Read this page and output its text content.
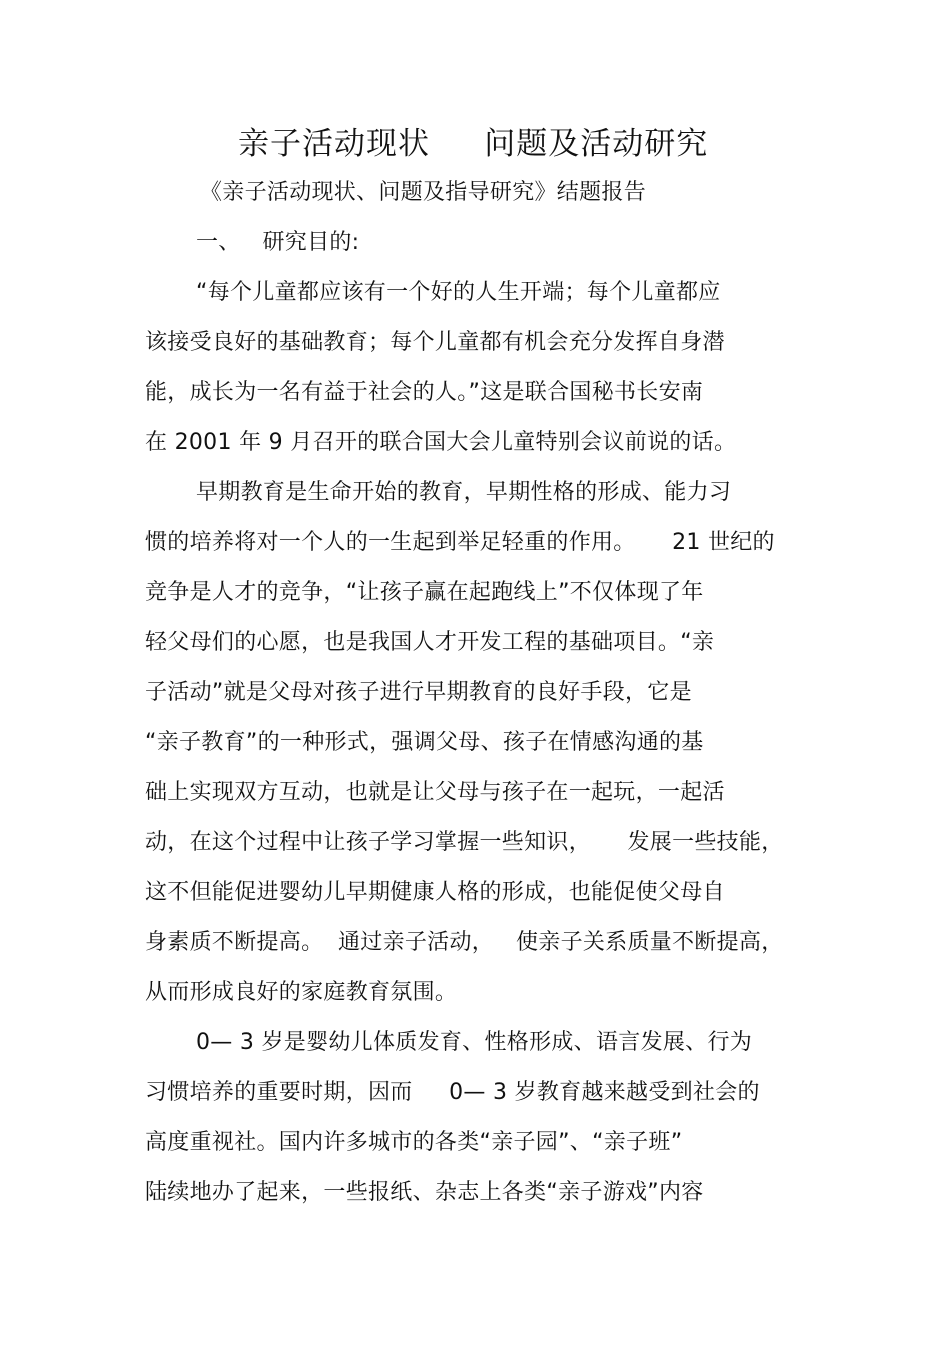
亲子活动现状     问题及活动研究
《亲子活动现状、问题及指导研究》结题报告
一、   研究目的:
“每个儿童都应该有一个好的人生开端；每个儿童都应
该接受良好的基础教育；每个儿童都有机会充分发挥自身潜
能，成长为一名有益于社会的人。”这是联合国秘书长安南
在 2001 年 9 月召开的联合国大会儿童特别会议前说的话。
早期教育是生命开始的教育，早期性格的形成、能力习
惯的培养将对一个人的一生起到举足轻重的作用。     21 世纪的
竞争是人才的竞争，“让孩子赢在起跑线上”不仅体现了年
轻父母们的心愿，也是我国人才开发工程的基础项目。“亲
子活动”就是父母对孩子进行早期教育的良好手段，它是
“亲子教育”的一种形式，强调父母、孩子在情感沟通的基
础上实现双方互动，也就是让父母与孩子在一起玩，一起活
动，在这个过程中让孩子学习掌握一些知识，     发展一些技能，
这不但能促进婴幼儿早期健康人格的形成，也能促使父母自
身素质不断提高。  通过亲子活动，   使亲子关系质量不断提高，
从而形成良好的家庭教育氛围。
0— 3 岁是婴幼儿体质发育、性格形成、语言发展、行为
习惯培养的重要时期，因而     0— 3 岁教育越来越受到社会的
高度重视社。国内许多城市的各类“亲子园”、“亲子班”
陆续地办了起来，一些报纸、杂志上各类“亲子游戏”内容
